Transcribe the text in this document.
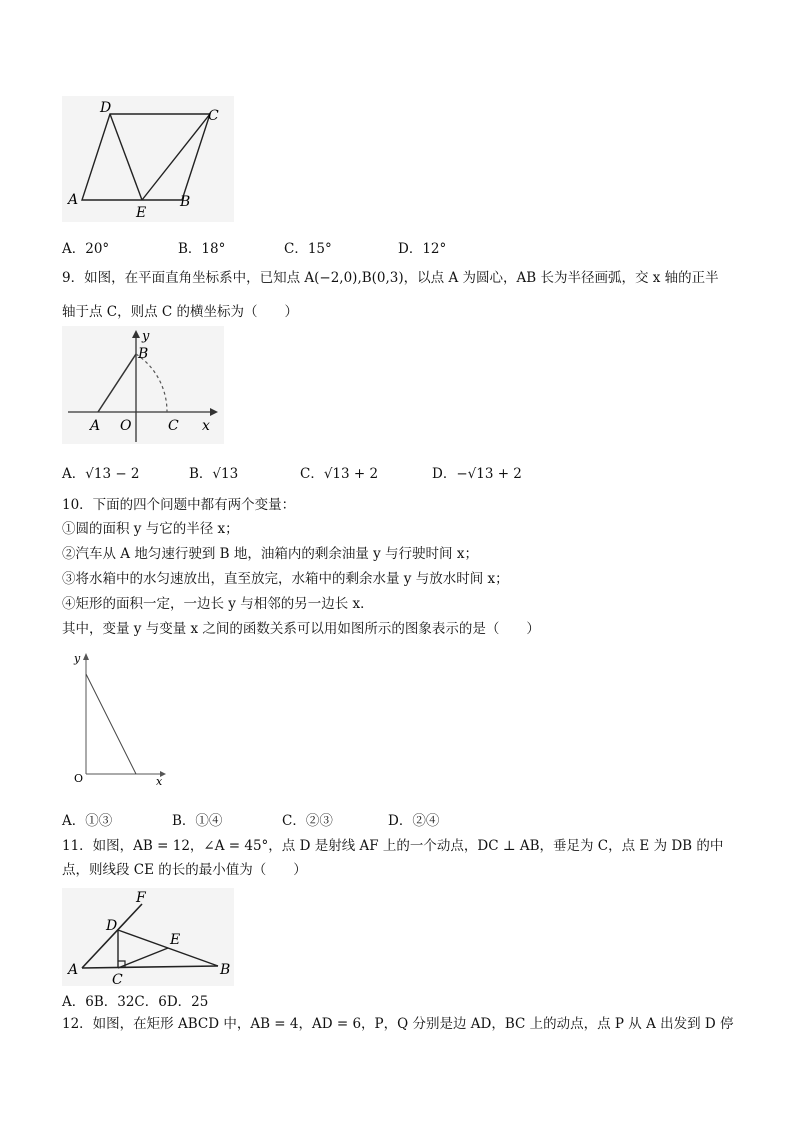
D	C
A
E
B
A．20°	B．18°	C．15°	D．12°
9．如图，在平面直角坐标系中，已知点 A(−2,0),B(0,3)，以点 A 为圆心，AB 长为半径画弧，交 x 轴的正半
轴于点 C，则点 C 的横坐标为（　　）
y
B
A O	C x
A．√13 − 2	B．√13	C．√13 + 2	D．−√13 + 2
10．下面的四个问题中都有两个变量：
①圆的面积 y 与它的半径 x；
②汽车从 A 地匀速行驶到 B 地，油箱内的剩余油量 y 与行驶时间 x；
③将水箱中的水匀速放出，直至放完，水箱中的剩余水量 y 与放水时间 x；
④矩形的面积一定，一边长 y 与相邻的另一边长 x．
其中，变量 y 与变量 x 之间的函数关系可以用如图所示的图象表示的是（　　）
y
O	x
A．①③	B．①④	C．②③	D．②④
11．如图，AB = 12，∠A = 45°，点 D 是射线 AF 上的一个动点，DC ⊥ AB，垂足为 C，点 E 为 DB 的中
点，则线段 CE 的长的最小值为（　　）
F
D
E
A
C
B
A．6B．32C．6D．25
12．如图，在矩形 ABCD 中，AB = 4，AD = 6，P，Q 分别是边 AD，BC 上的动点，点 P 从 A 出发到 D 停
